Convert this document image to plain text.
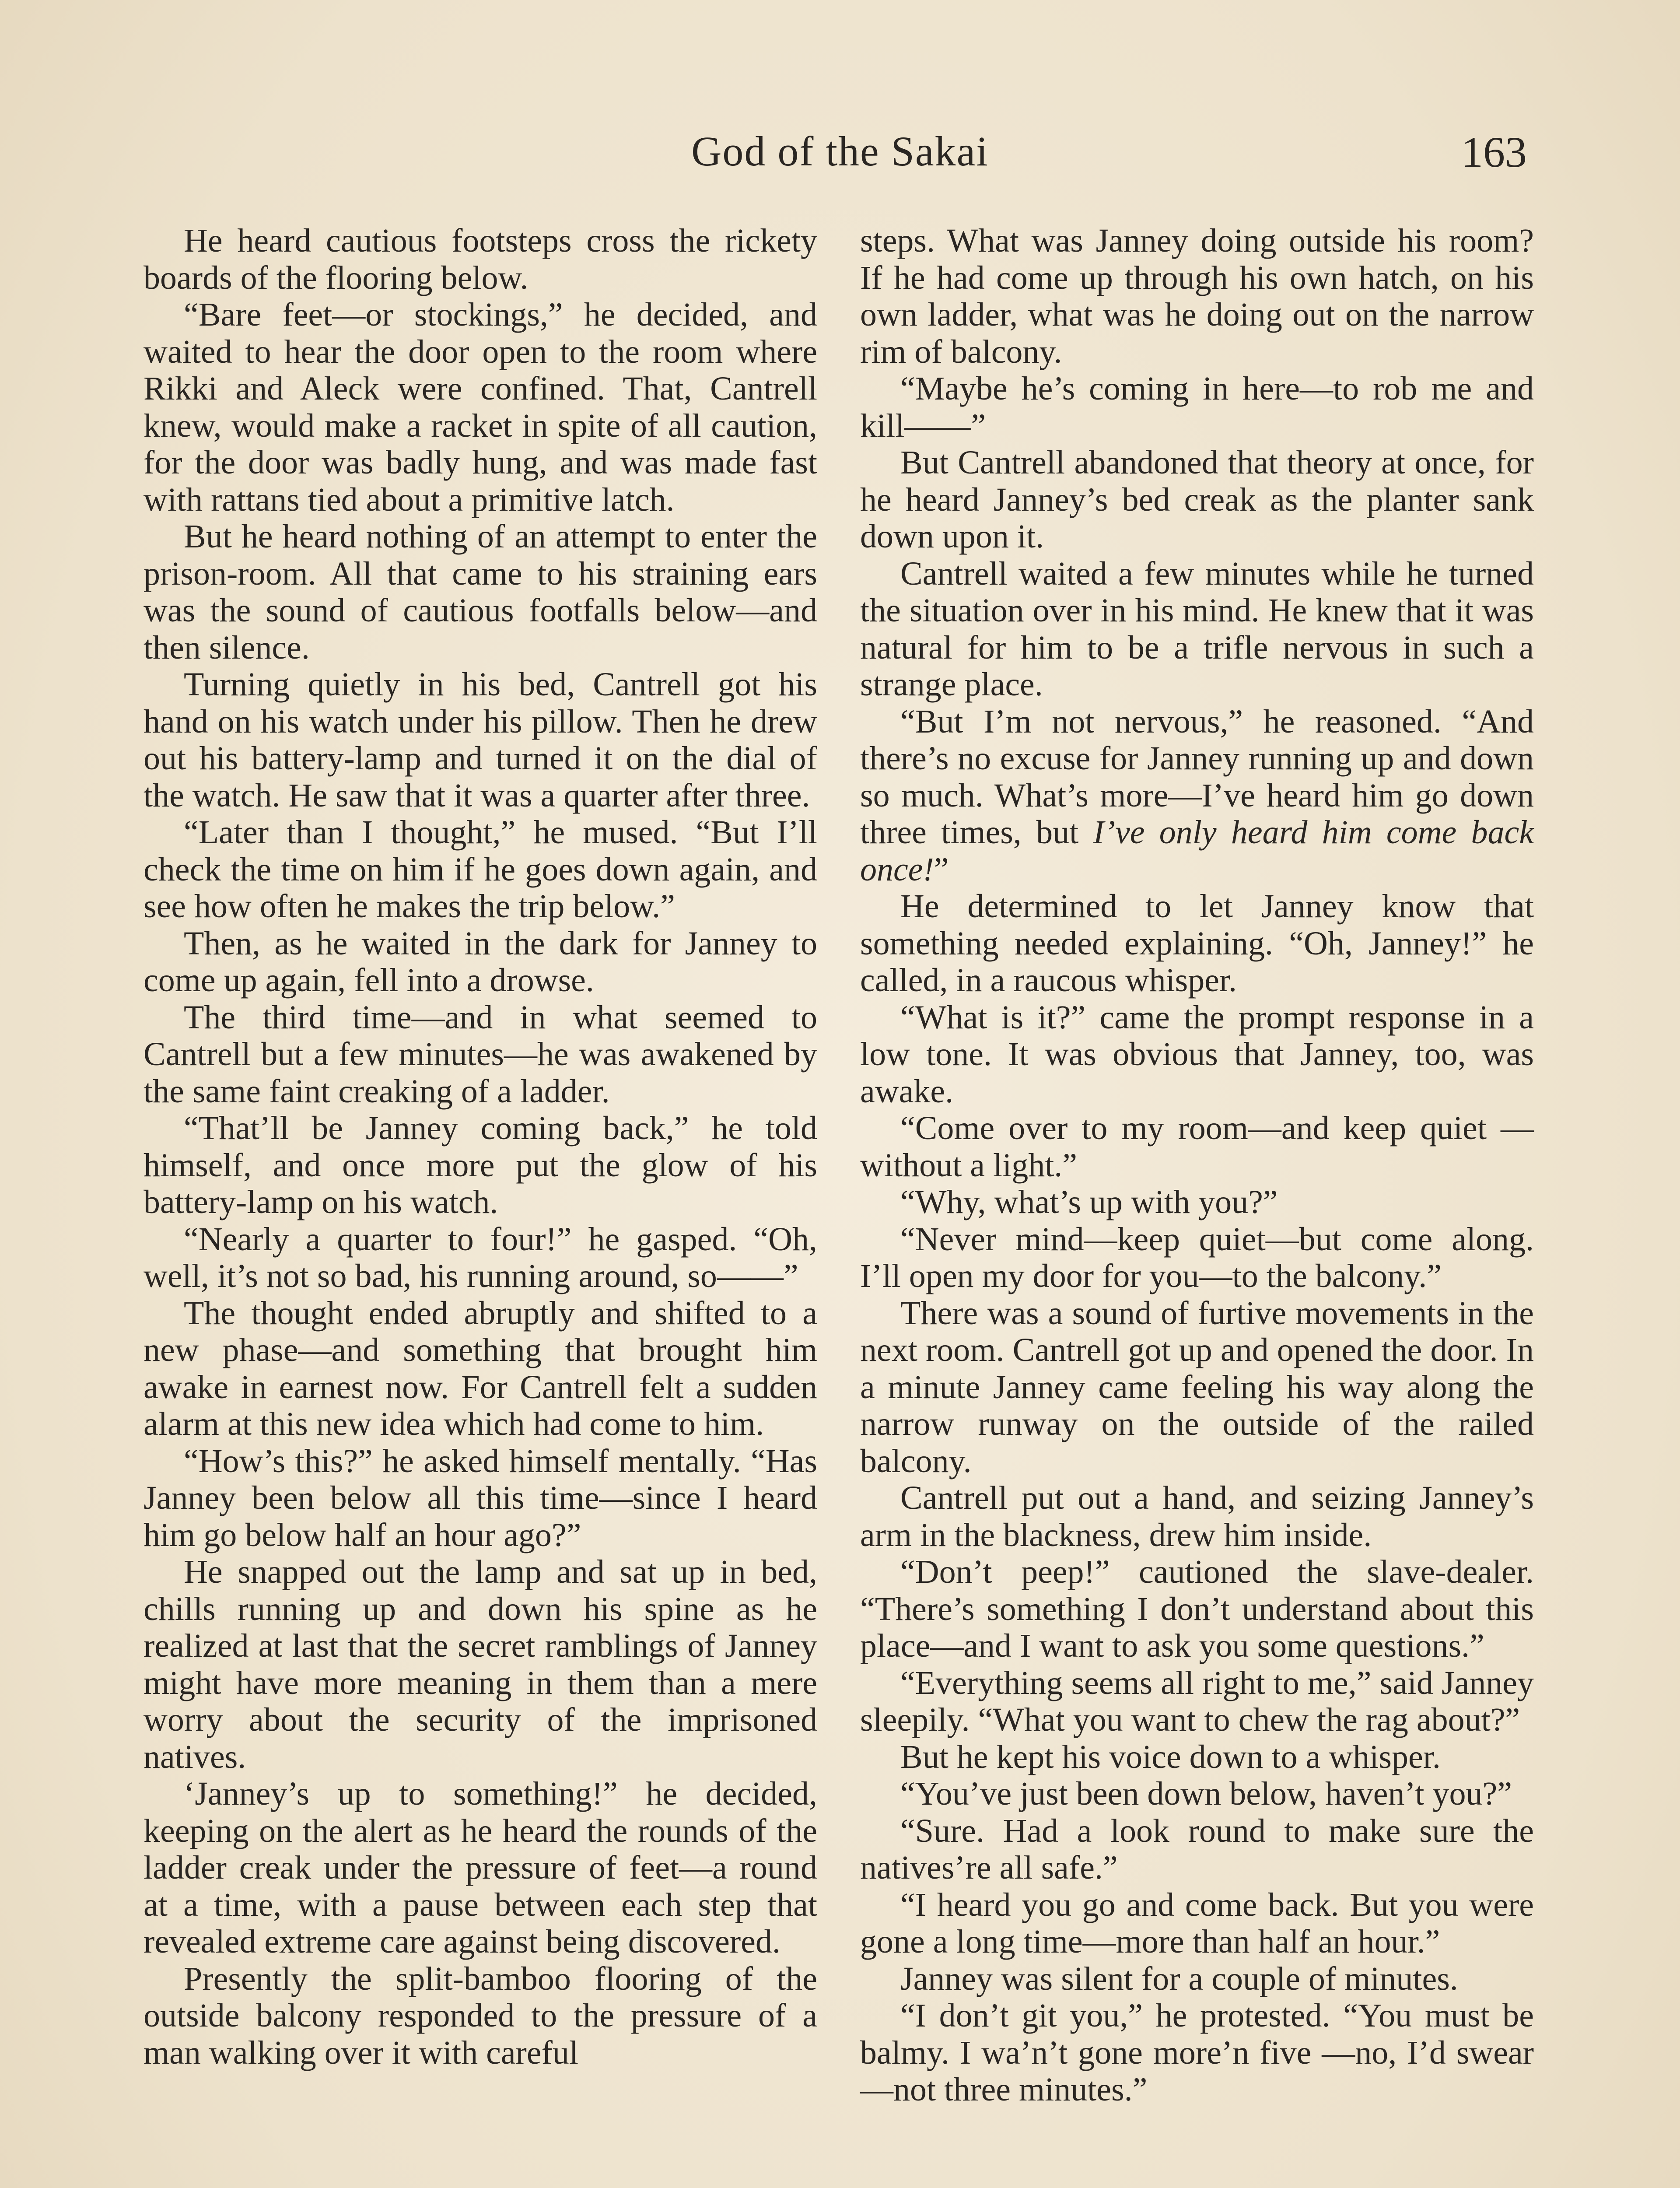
God of the Sakai	163

He heard cautious footsteps cross the rickety boards of the flooring below.

“Bare feet—or stockings,” he decided, and waited to hear the door open to the room where Rikki and Aleck were confined. That, Cantrell knew, would make a racket in spite of all caution, for the door was badly hung, and was made fast with rattans tied about a primitive latch.

But he heard nothing of an attempt to enter the prison-room. All that came to his straining ears was the sound of cautious footfalls below—and then silence.

Turning quietly in his bed, Cantrell got his hand on his watch under his pillow. Then he drew out his battery-lamp and turned it on the dial of the watch. He saw that it was a quarter after three.

“Later than I thought,” he mused. “But I’ll check the time on him if he goes down again, and see how often he makes the trip below.”

Then, as he waited in the dark for Janney to come up again, fell into a drowse.

The third time—and in what seemed to Cantrell but a few minutes—he was awakened by the same faint creaking of a ladder.

“That’ll be Janney coming back,” he told himself, and once more put the glow of his battery-lamp on his watch.

“Nearly a quarter to four!” he gasped. “Oh, well, it’s not so bad, his running around, so——”

The thought ended abruptly and shifted to a new phase—and something that brought him awake in earnest now. For Cantrell felt a sudden alarm at this new idea which had come to him.

“How’s this?” he asked himself mentally. “Has Janney been below all this time—since I heard him go below half an hour ago?”

He snapped out the lamp and sat up in bed, chills running up and down his spine as he realized at last that the secret ramblings of Janney might have more meaning in them than a mere worry about the security of the imprisoned natives.

‘Janney’s up to something!” he decided, keeping on the alert as he heard the rounds of the ladder creak under the pressure of feet—a round at a time, with a pause between each step that revealed extreme care against being discovered.

Presently the split-bamboo flooring of the outside balcony responded to the pressure of a man walking over it with careful

steps. What was Janney doing outside his room? If he had come up through his own hatch, on his own ladder, what was he doing out on the narrow rim of balcony.

“Maybe he’s coming in here—to rob me and kill——”

But Cantrell abandoned that theory at once, for he heard Janney’s bed creak as the planter sank down upon it.

Cantrell waited a few minutes while he turned the situation over in his mind. He knew that it was natural for him to be a trifle nervous in such a strange place.

“But I’m not nervous,” he reasoned. “And there’s no excuse for Janney running up and down so much. What’s more—I’ve heard him go down three times, but I’ve only heard him come back once!”

He determined to let Janney know that something needed explaining. “Oh, Janney!” he called, in a raucous whisper.

“What is it?” came the prompt response in a low tone. It was obvious that Janney, too, was awake.

“Come over to my room—and keep quiet —without a light.”

“Why, what’s up with you?”

“Never mind—keep quiet—but come along. I’ll open my door for you—to the balcony.”

There was a sound of furtive movements in the next room. Cantrell got up and opened the door. In a minute Janney came feeling his way along the narrow runway on the outside of the railed balcony.

Cantrell put out a hand, and seizing Janney’s arm in the blackness, drew him inside.

“Don’t peep!” cautioned the slave-dealer. “There’s something I don’t understand about this place—and I want to ask you some questions.”

“Everything seems all right to me,” said Janney sleepily. “What you want to chew the rag about?”

But he kept his voice down to a whisper.

“You’ve just been down below, haven’t you?”

“Sure. Had a look round to make sure the natives’re all safe.”

“I heard you go and come back. But you were gone a long time—more than half an hour.”

Janney was silent for a couple of minutes.

“I don’t git you,” he protested. “You must be balmy. I wa’n’t gone more’n five —no, I’d swear—not three minutes.”
